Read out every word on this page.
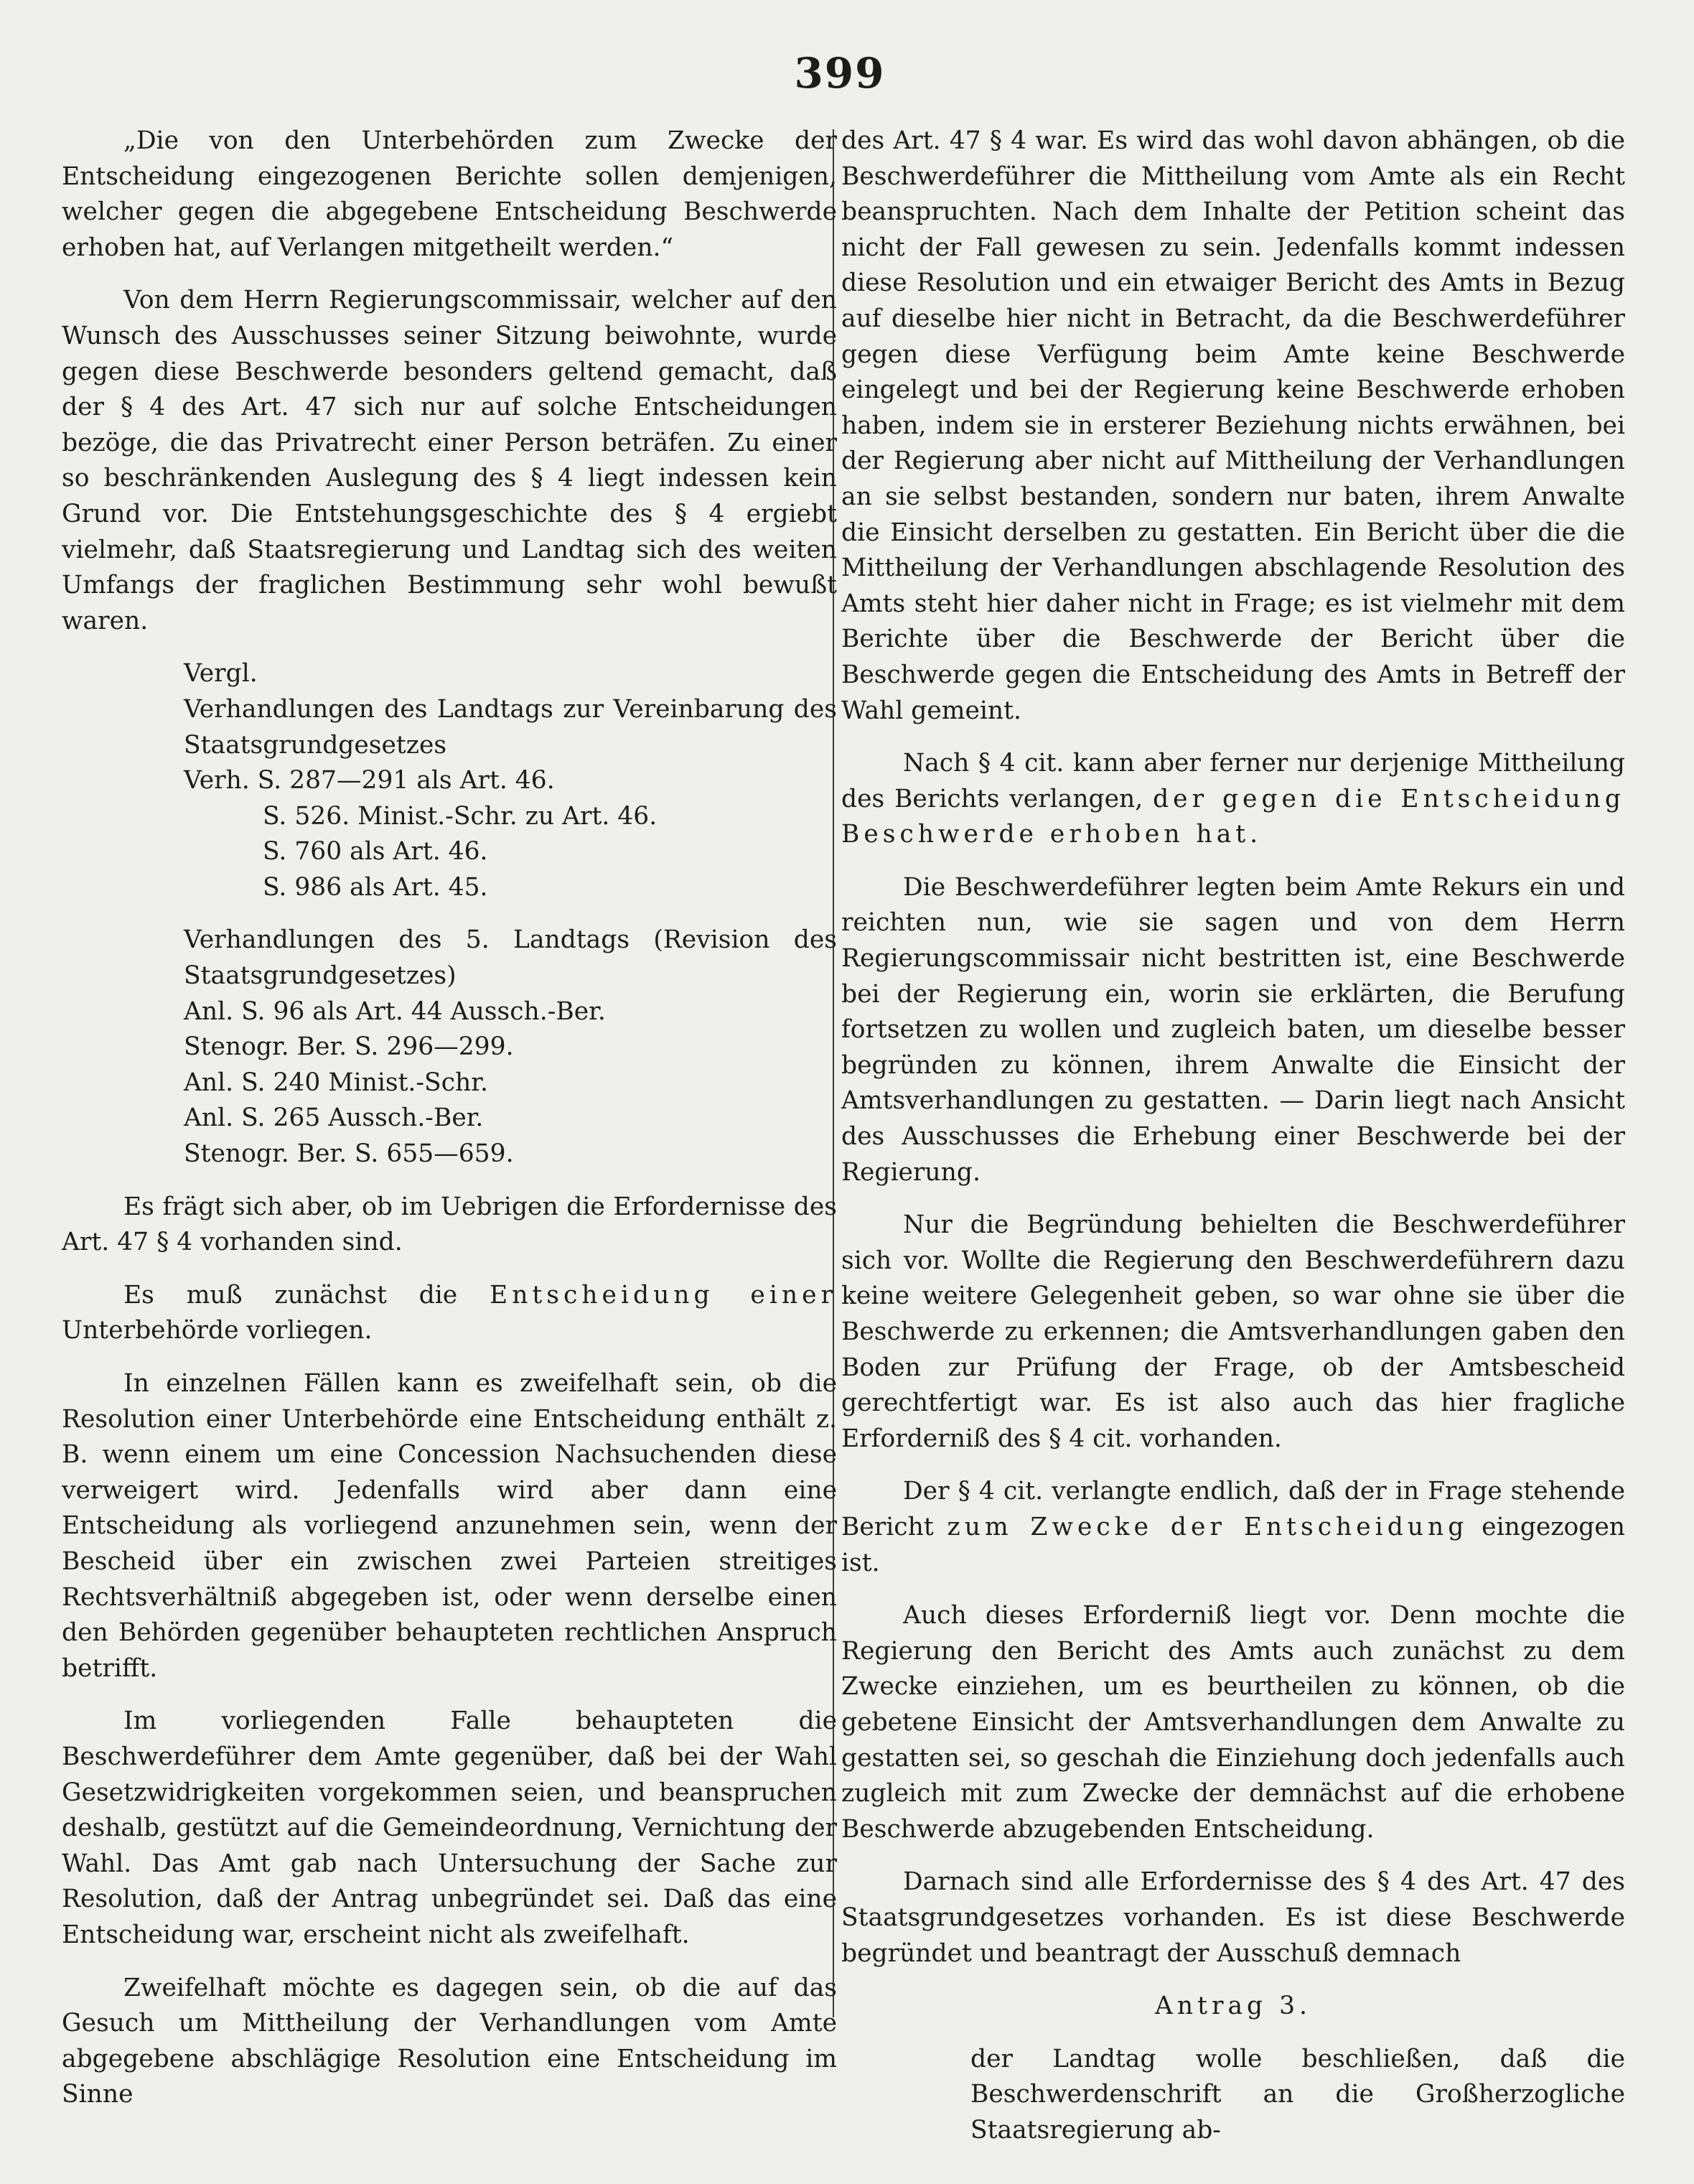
399

„Die von den Unterbehörden zum Zwecke der Entscheidung eingezogenen Berichte sollen demjenigen, welcher gegen die abgegebene Entscheidung Beschwerde erhoben hat, auf Verlangen mitgetheilt werden.“

Von dem Herrn Regierungscommissair, welcher auf den Wunsch des Ausschusses seiner Sitzung beiwohnte, wurde gegen diese Beschwerde besonders geltend gemacht, daß der § 4 des Art. 47 sich nur auf solche Entscheidungen bezöge, die das Privatrecht einer Person beträfen. Zu einer so beschränkenden Auslegung des § 4 liegt indessen kein Grund vor. Die Entstehungsgeschichte des § 4 ergiebt vielmehr, daß Staatsregierung und Landtag sich des weiten Umfangs der fraglichen Bestimmung sehr wohl bewußt waren.

Vergl.

Verhandlungen des Landtags zur Vereinbarung des Staatsgrundgesetzes

Verh. S. 287—291 als Art. 46.

S. 526. Minist.-Schr. zu Art. 46.

S. 760 als Art. 46.

S. 986 als Art. 45.

Verhandlungen des 5. Landtags (Revision des Staatsgrundgesetzes)

Anl. S. 96 als Art. 44 Aussch.-Ber.

Stenogr. Ber. S. 296—299.

Anl. S. 240 Minist.-Schr.

Anl. S. 265 Aussch.-Ber.

Stenogr. Ber. S. 655—659.

Es frägt sich aber, ob im Uebrigen die Erfordernisse des Art. 47 § 4 vorhanden sind.

Es muß zunächst die Entscheidung einer Unterbehörde vorliegen.

In einzelnen Fällen kann es zweifelhaft sein, ob die Resolution einer Unterbehörde eine Entscheidung enthält z. B. wenn einem um eine Concession Nachsuchenden diese verweigert wird. Jedenfalls wird aber dann eine Entscheidung als vorliegend anzunehmen sein, wenn der Bescheid über ein zwischen zwei Parteien streitiges Rechtsverhältniß abgegeben ist, oder wenn derselbe einen den Behörden gegenüber behaupteten rechtlichen Anspruch betrifft.

Im vorliegenden Falle behaupteten die Beschwerdeführer dem Amte gegenüber, daß bei der Wahl Gesetzwidrigkeiten vorgekommen seien, und beanspruchen deshalb, gestützt auf die Gemeindeordnung, Vernichtung der Wahl. Das Amt gab nach Untersuchung der Sache zur Resolution, daß der Antrag unbegründet sei. Daß das eine Entscheidung war, erscheint nicht als zweifelhaft.

Zweifelhaft möchte es dagegen sein, ob die auf das Gesuch um Mittheilung der Verhandlungen vom Amte abgegebene abschlägige Resolution eine Entscheidung im Sinne

des Art. 47 § 4 war. Es wird das wohl davon abhängen, ob die Beschwerdeführer die Mittheilung vom Amte als ein Recht beanspruchten. Nach dem Inhalte der Petition scheint das nicht der Fall gewesen zu sein. Jedenfalls kommt indessen diese Resolution und ein etwaiger Bericht des Amts in Bezug auf dieselbe hier nicht in Betracht, da die Beschwerdeführer gegen diese Verfügung beim Amte keine Beschwerde eingelegt und bei der Regierung keine Beschwerde erhoben haben, indem sie in ersterer Beziehung nichts erwähnen, bei der Regierung aber nicht auf Mittheilung der Verhandlungen an sie selbst bestanden, sondern nur baten, ihrem Anwalte die Einsicht derselben zu gestatten. Ein Bericht über die die Mittheilung der Verhandlungen abschlagende Resolution des Amts steht hier daher nicht in Frage; es ist vielmehr mit dem Berichte über die Beschwerde der Bericht über die Beschwerde gegen die Entscheidung des Amts in Betreff der Wahl gemeint.

Nach § 4 cit. kann aber ferner nur derjenige Mittheilung des Berichts verlangen, der gegen die Entscheidung Beschwerde erhoben hat.

Die Beschwerdeführer legten beim Amte Rekurs ein und reichten nun, wie sie sagen und von dem Herrn Regierungscommissair nicht bestritten ist, eine Beschwerde bei der Regierung ein, worin sie erklärten, die Berufung fortsetzen zu wollen und zugleich baten, um dieselbe besser begründen zu können, ihrem Anwalte die Einsicht der Amtsverhandlungen zu gestatten. — Darin liegt nach Ansicht des Ausschusses die Erhebung einer Beschwerde bei der Regierung.

Nur die Begründung behielten die Beschwerdeführer sich vor. Wollte die Regierung den Beschwerdeführern dazu keine weitere Gelegenheit geben, so war ohne sie über die Beschwerde zu erkennen; die Amtsverhandlungen gaben den Boden zur Prüfung der Frage, ob der Amtsbescheid gerechtfertigt war. Es ist also auch das hier fragliche Erforderniß des § 4 cit. vorhanden.

Der § 4 cit. verlangte endlich, daß der in Frage stehende Bericht zum Zwecke der Entscheidung eingezogen ist.

Auch dieses Erforderniß liegt vor. Denn mochte die Regierung den Bericht des Amts auch zunächst zu dem Zwecke einziehen, um es beurtheilen zu können, ob die gebetene Einsicht der Amtsverhandlungen dem Anwalte zu gestatten sei, so geschah die Einziehung doch jedenfalls auch zugleich mit zum Zwecke der demnächst auf die erhobene Beschwerde abzugebenden Entscheidung.

Darnach sind alle Erfordernisse des § 4 des Art. 47 des Staatsgrundgesetzes vorhanden. Es ist diese Beschwerde begründet und beantragt der Ausschuß demnach

Antrag 3.

der Landtag wolle beschließen, daß die Beschwerdenschrift an die Großherzogliche Staatsregierung ab-
